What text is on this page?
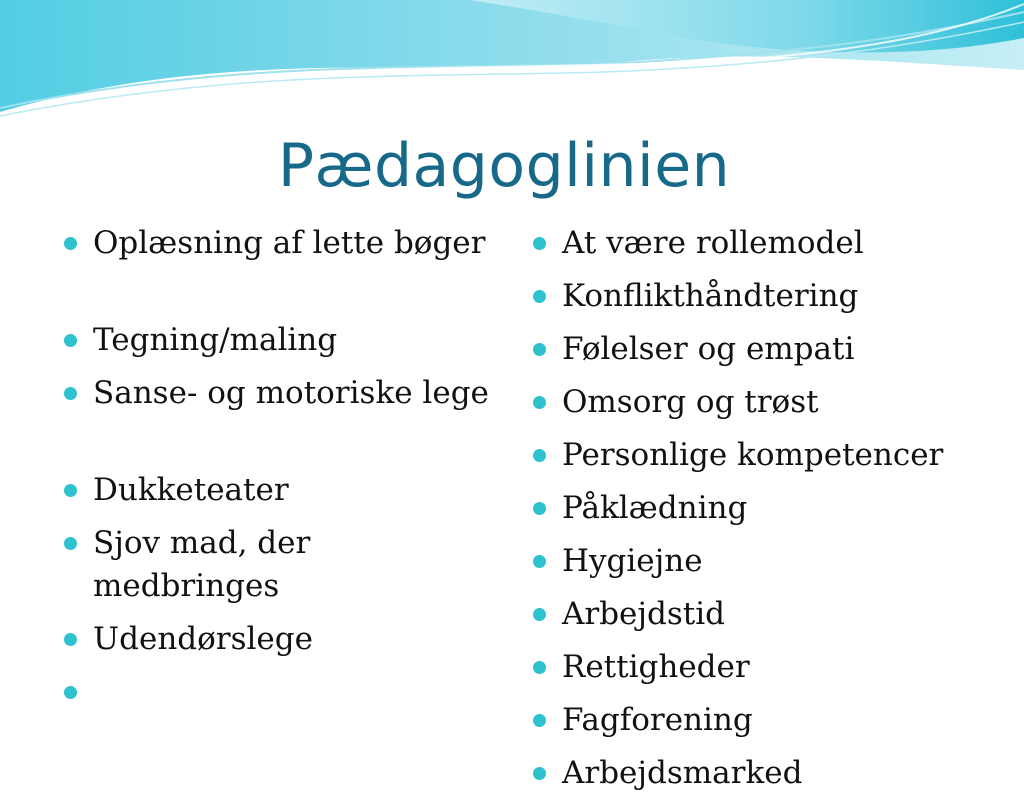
Pædagoglinien
Oplæsning af lette bøger
Tegning/maling
Sanse- og motoriske lege
Dukketeater
Sjov mad, der medbringes
Udendørslege
At være rollemodel
Konflikthåndtering
Følelser og empati
Omsorg og trøst
Personlige kompetencer
Påklædning
Hygiejne
Arbejdstid
Rettigheder
Fagforening
Arbejdsmarked
